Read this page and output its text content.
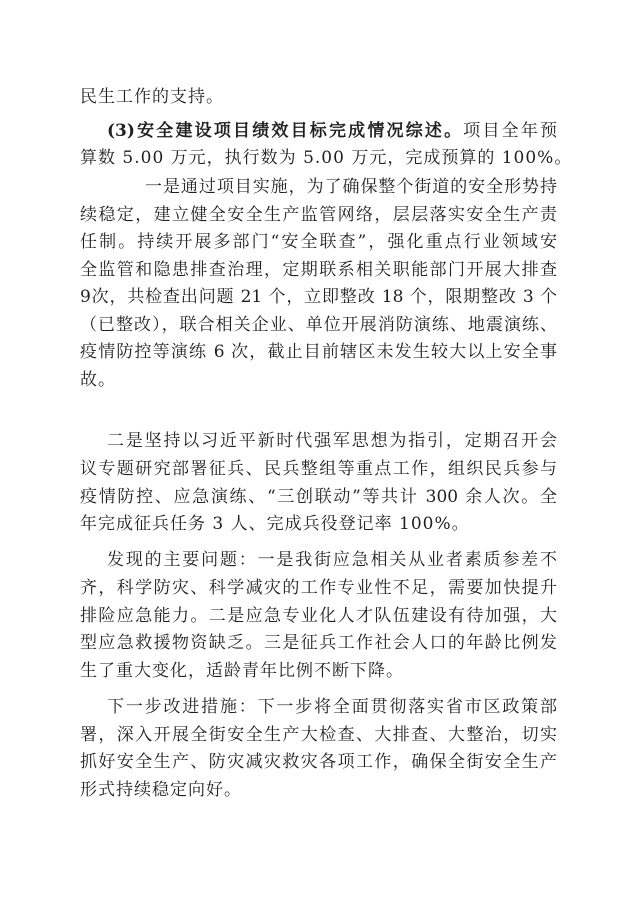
民生工作的支持。
(3)安全建设项目绩效目标完成情况综述。项目全年预
算数 5.00 万元，执行数为 5.00 万元，完成预算的 100%。
一是通过项目实施，为了确保整个街道的安全形势持
续稳定，建立健全安全生产监管网络，层层落实安全生产责
任制。持续开展多部门“安全联查”，强化重点行业领域安
全监管和隐患排查治理，定期联系相关职能部门开展大排查
9次，共检查出问题 21 个，立即整改 18 个，限期整改 3 个
（已整改），联合相关企业、单位开展消防演练、地震演练、
疫情防控等演练 6 次，截止目前辖区未发生较大以上安全事
故。
二是坚持以习近平新时代强军思想为指引，定期召开会
议专题研究部署征兵、民兵整组等重点工作，组织民兵参与
疫情防控、应急演练、“三创联动”等共计 300 余人次。全
年完成征兵任务 3 人、完成兵役登记率 100%。
发现的主要问题：一是我街应急相关从业者素质参差不
齐，科学防灾、科学减灾的工作专业性不足，需要加快提升
排险应急能力。二是应急专业化人才队伍建设有待加强，大
型应急救援物资缺乏。三是征兵工作社会人口的年龄比例发
生了重大变化，适龄青年比例不断下降。
下一步改进措施：下一步将全面贯彻落实省市区政策部
署，深入开展全街安全生产大检查、大排查、大整治，切实
抓好安全生产、防灾减灾救灾各项工作，确保全街安全生产
形式持续稳定向好。
